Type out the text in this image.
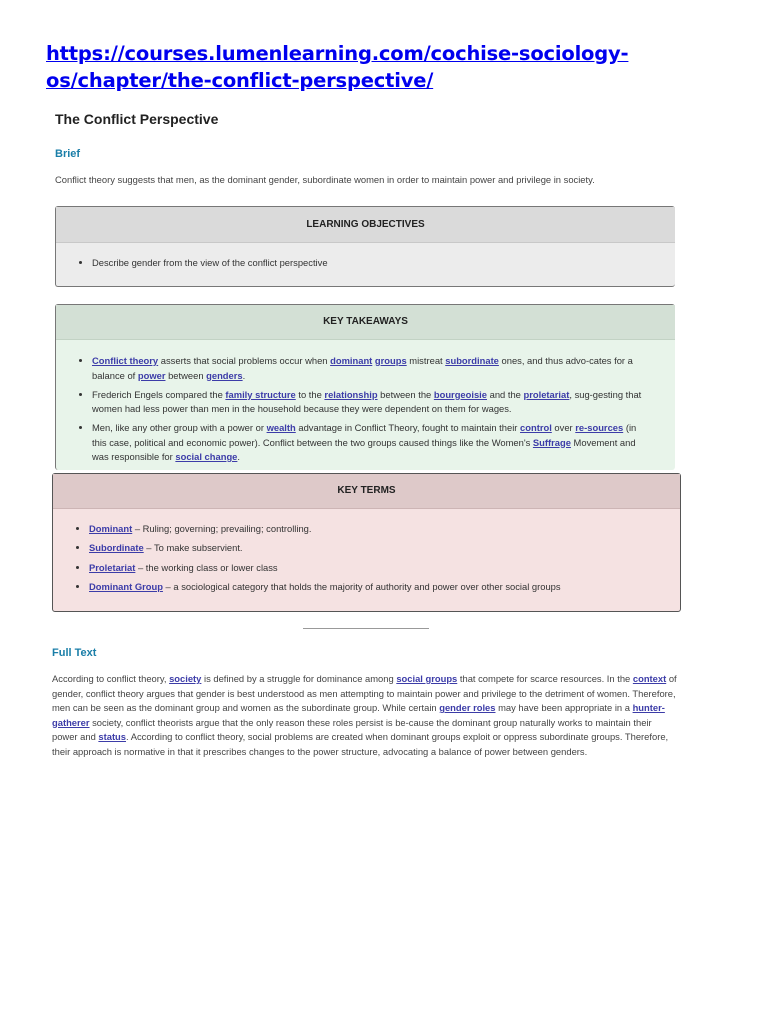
https://courses.lumenlearning.com/cochise-sociology-
os/chapter/the-conflict-perspective/
The Conflict Perspective
Brief
Conflict theory suggests that men, as the dominant gender, subordinate women in order to maintain power and privilege in society.
LEARNING OBJECTIVES
• Describe gender from the view of the conflict perspective
KEY TAKEAWAYS
• Conflict theory asserts that social problems occur when dominant groups mistreat subordinate ones, and thus advo-cates for a balance of power between genders.
• Frederich Engels compared the family structure to the relationship between the bourgeoisie and the proletariat, sug-gesting that women had less power than men in the household because they were dependent on them for wages.
• Men, like any other group with a power or wealth advantage in Conflict Theory, fought to maintain their control over re-sources (in this case, political and economic power). Conflict between the two groups caused things like the Women's Suffrage Movement and was responsible for social change.
KEY TERMS
• Dominant – Ruling; governing; prevailing; controlling.
• Subordinate – To make subservient.
• Proletariat – the working class or lower class
• Dominant Group – a sociological category that holds the majority of authority and power over other social groups
Full Text

According to conflict theory, society is defined by a struggle for dominance among social groups that compete for scarce resources. In the context of gender, conflict theory argues that gender is best understood as men attempting to maintain power and privilege to the detriment of women. Therefore, men can be seen as the dominant group and women as the subordinate group. While certain gender roles may have been appropriate in a hunter-gatherer society, conflict theorists argue that the only reason these roles persist is be-cause the dominant group naturally works to maintain their power and status. According to conflict theory, social problems are created when dominant groups exploit or oppress subordinate groups. Therefore, their approach is normative in that it prescribes changes to the power structure, advocating a balance of power between genders.
